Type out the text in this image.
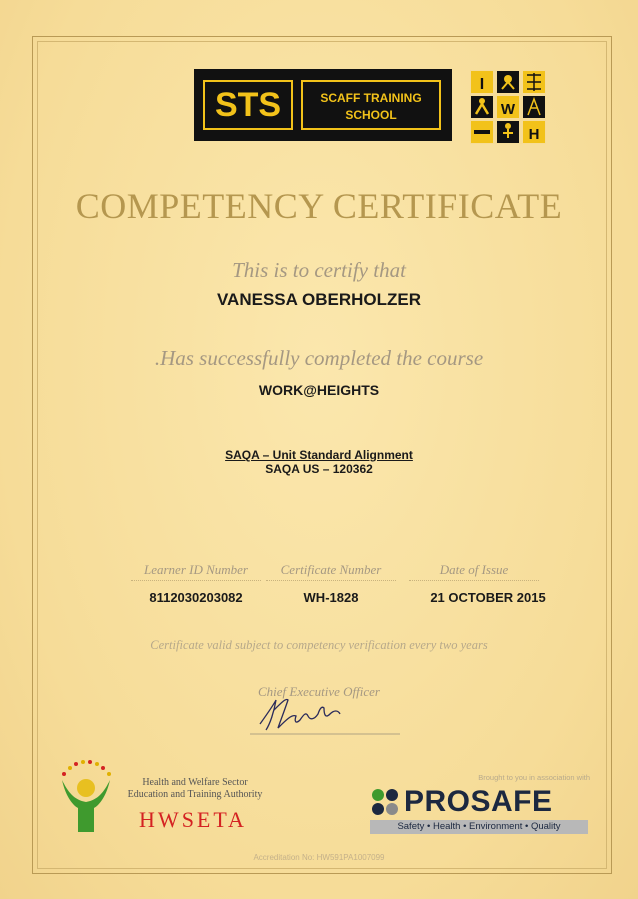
STS	SCAFF TRAINING
SCHOOL
I
W
H
COMPETENCY CERTIFICATE
This is to certify that
VANESSA OBERHOLZER
.Has successfully completed the course
WORK@HEIGHTS
SAQA – Unit Standard Alignment
SAQA US – 120362
Learner ID Number	Certificate Number	Date of Issue
8112030203082	WH-1828	21 OCTOBER 2015
Certificate valid subject to competency verification every two years
Chief Executive Officer
Health and Welfare Sector
Education and Training Authority
HWSETA
Brought to you in association with
PROSAFE
Safety • Health • Environment • Quality
Accreditation No: HW591PA1007099
